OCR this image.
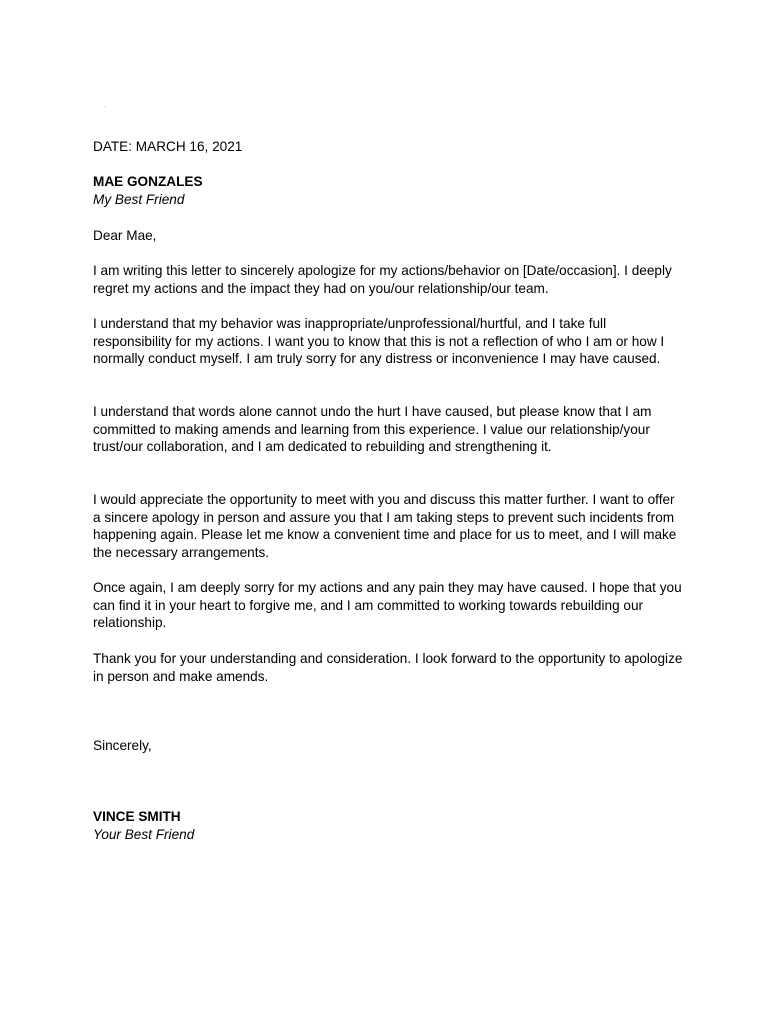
DATE: MARCH 16, 2021
MAE GONZALES
My Best Friend
Dear Mae,
I am writing this letter to sincerely apologize for my actions/behavior on [Date/occasion]. I deeply regret my actions and the impact they had on you/our relationship/our team.
I understand that my behavior was inappropriate/unprofessional/hurtful, and I take full responsibility for my actions. I want you to know that this is not a reflection of who I am or how I normally conduct myself. I am truly sorry for any distress or inconvenience I may have caused.
I understand that words alone cannot undo the hurt I have caused, but please know that I am committed to making amends and learning from this experience. I value our relationship/your trust/our collaboration, and I am dedicated to rebuilding and strengthening it.
I would appreciate the opportunity to meet with you and discuss this matter further. I want to offer a sincere apology in person and assure you that I am taking steps to prevent such incidents from happening again. Please let me know a convenient time and place for us to meet, and I will make the necessary arrangements.
Once again, I am deeply sorry for my actions and any pain they may have caused. I hope that you can find it in your heart to forgive me, and I am committed to working towards rebuilding our relationship.
Thank you for your understanding and consideration. I look forward to the opportunity to apologize in person and make amends.
Sincerely,
VINCE SMITH
Your Best Friend
